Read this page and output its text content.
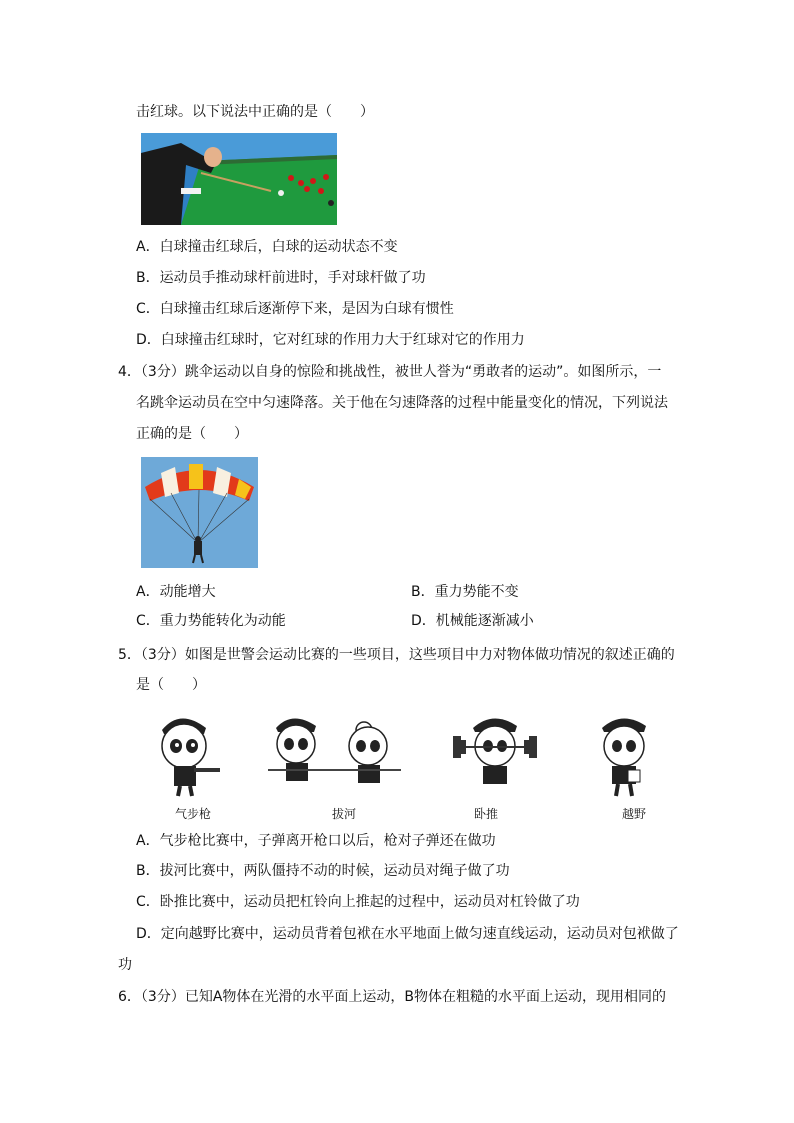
击红球。以下说法中正确的是（　　）
A．白球撞击红球后，白球的运动状态不变
B．运动员手推动球杆前进时，手对球杆做了功
C．白球撞击红球后逐渐停下来，是因为白球有惯性
D．白球撞击红球时，它对红球的作用力大于红球对它的作用力
4．（3分）跳伞运动以自身的惊险和挑战性，被世人誉为“勇敢者的运动”。如图所示，一
名跳伞运动员在空中匀速降落。关于他在匀速降落的过程中能量变化的情况，下列说法
正确的是（　　）
A．动能增大	B．重力势能不变
C．重力势能转化为动能	D．机械能逐渐减小
5．（3分）如图是世警会运动比赛的一些项目，这些项目中力对物体做功情况的叙述正确的
是（　　）
气步枪	拔河	卧推	越野
A．气步枪比赛中，子弹离开枪口以后，枪对子弹还在做功
B．拔河比赛中，两队僵持不动的时候，运动员对绳子做了功
C．卧推比赛中，运动员把杠铃向上推起的过程中，运动员对杠铃做了功
D．定向越野比赛中，运动员背着包袱在水平地面上做匀速直线运动，运动员对包袱做了
功
6．（3分）已知A物体在光滑的水平面上运动，B物体在粗糙的水平面上运动，现用相同的
